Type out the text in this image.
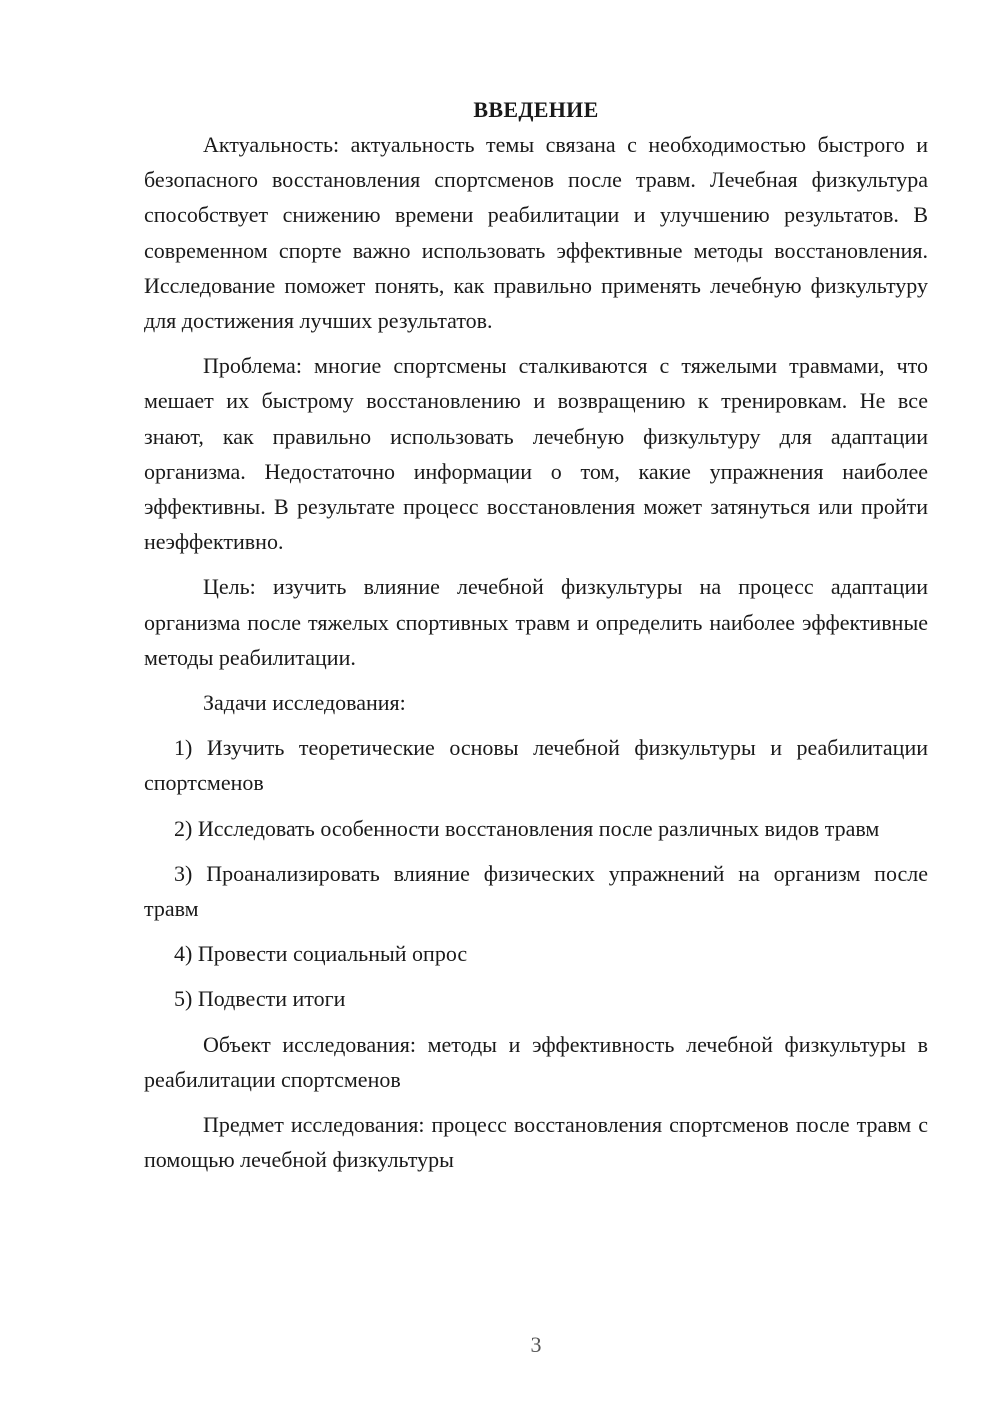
ВВЕДЕНИЕ

Актуальность: актуальность темы связана с необходимостью быстрого и безопасного восстановления спортсменов после травм. Лечебная физкультура способствует снижению времени реабилитации и улучшению результатов. В современном спорте важно использовать эффективные методы восстановления. Исследование поможет понять, как правильно применять лечебную физкультуру для достижения лучших результатов.

Проблема: многие спортсмены сталкиваются с тяжелыми травмами, что мешает их быстрому восстановлению и возвращению к тренировкам. Не все знают, как правильно использовать лечебную физкультуру для адаптации организма. Недостаточно информации о том, какие упражнения наиболее эффективны. В результате процесс восстановления может затянуться или пройти неэффективно.

Цель: изучить влияние лечебной физкультуры на процесс адаптации организма после тяжелых спортивных травм и определить наиболее эффективные методы реабилитации.

Задачи исследования:

1) Изучить теоретические основы лечебной физкультуры и реабилитации спортсменов

2) Исследовать особенности восстановления после различных видов травм

3) Проанализировать влияние физических упражнений на организм после травм

4) Провести социальный опрос

5) Подвести итоги

Объект исследования: методы и эффективность лечебной физкультуры в реабилитации спортсменов

Предмет исследования: процесс восстановления спортсменов после травм с помощью лечебной физкультуры

3
